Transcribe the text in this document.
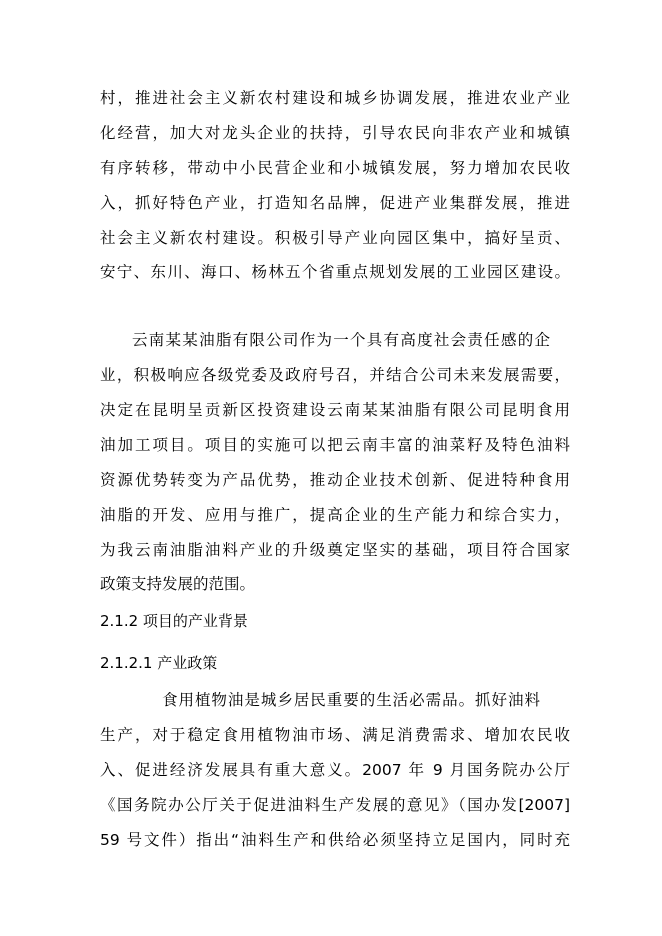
村，推进社会主义新农村建设和城乡协调发展，推进农业产业
化经营，加大对龙头企业的扶持，引导农民向非农产业和城镇
有序转移，带动中小民营企业和小城镇发展，努力增加农民收
入，抓好特色产业，打造知名品牌，促进产业集群发展，推进
社会主义新农村建设。积极引导产业向园区集中，搞好呈贡、
安宁、东川、海口、杨林五个省重点规划发展的工业园区建设。
云南某某油脂有限公司作为一个具有高度社会责任感的企
业，积极响应各级党委及政府号召，并结合公司未来发展需要，
决定在昆明呈贡新区投资建设云南某某油脂有限公司昆明食用
油加工项目。项目的实施可以把云南丰富的油菜籽及特色油料
资源优势转变为产品优势，推动企业技术创新、促进特种食用
油脂的开发、应用与推广，提高企业的生产能力和综合实力，
为我云南油脂油料产业的升级奠定坚实的基础，项目符合国家
政策支持发展的范围。
2.1.2 项目的产业背景
2.1.2.1 产业政策
食用植物油是城乡居民重要的生活必需品。抓好油料
生产，对于稳定食用植物油市场、满足消费需求、增加农民收
入、促进经济发展具有重大意义。2007 年 9 月国务院办公厅
《国务院办公厅关于促进油料生产发展的意见》（国办发[2007]
59 号文件）指出“油料生产和供给必须坚持立足国内，同时充
